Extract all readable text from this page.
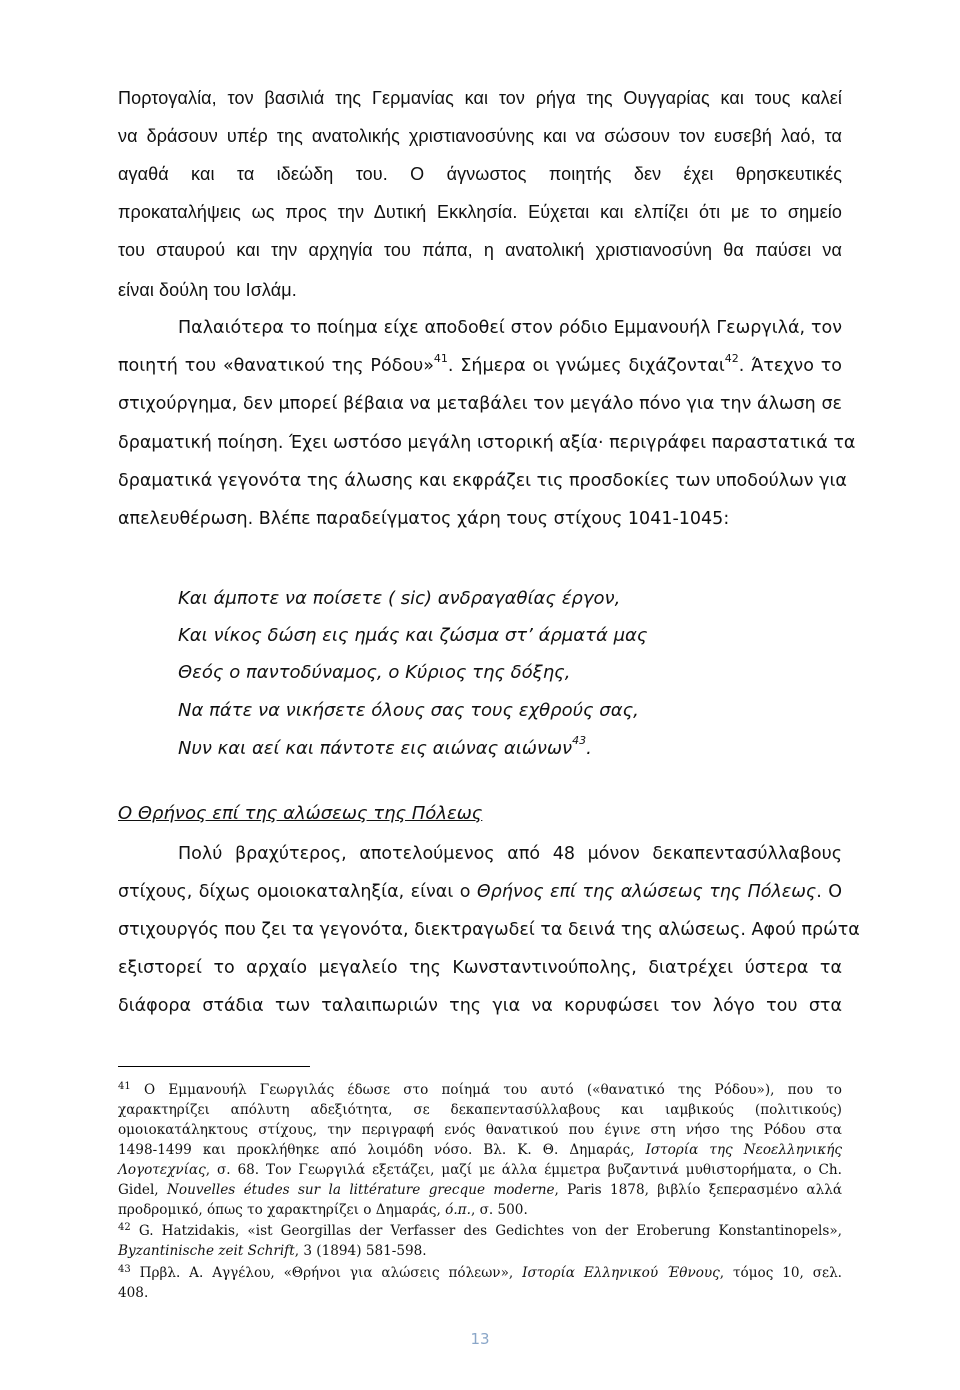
Πορτογαλία, τον βασιλιά της Γερμανίας και τον ρήγα της Ουγγαρίας και τους καλεί
να δράσουν υπέρ της ανατολικής χριστιανοσύνης και να σώσουν τον ευσεβή λαό, τα
αγαθά και τα ιδεώδη του. Ο άγνωστος ποιητής δεν έχει θρησκευτικές
προκαταλήψεις ως προς την Δυτική Εκκλησία. Εύχεται και ελπίζει ότι με το σημείο
του σταυρού και την αρχηγία του πάπα, η ανατολική χριστιανοσύνη θα παύσει να
είναι δούλη του Ισλάμ.
Παλαιότερα το ποίημα είχε αποδοθεί στον ρόδιο Εμμανουήλ Γεωργιλά, τον
ποιητή του «θανατικού της Ρόδου»$^{41}$. Σήμερα οι γνώμες διχάζονται$^{42}$. Άτεχνο το
στιχούργημα, δεν μπορεί βέβαια να μεταβάλει τον μεγάλο πόνο για την άλωση σε
δραματική ποίηση. Έχει ωστόσο μεγάλη ιστορική αξία· περιγράφει παραστατικά τα
δραματικά γεγονότα της άλωσης και εκφράζει τις προσδοκίες των υποδούλων για
απελευθέρωση. Βλέπε παραδείγματος χάρη τους στίχους 1041-1045:
Και άμποτε να ποίσετε ( sic) ανδραγαθίας έργον,
Και νίκος δώση εις ημάς και ζώσμα στ’ άρματά μας
Θεός ο παντοδύναμος, ο Κύριος της δόξης,
Να πάτε να νικήσετε όλους σας τους εχθρούς σας,
Νυν και αεί και πάντοτε εις αιώνας αιώνων$^{43}$.
Ο Θρήνος επί της αλώσεως της Πόλεως
Πολύ βραχύτερος, αποτελούμενος από 48 μόνον δεκαπεντασύλλαβους
στίχους, δίχως ομοιοκαταληξία, είναι ο Θρήνος επί της αλώσεως της Πόλεως. Ο
στιχουργός που ζει τα γεγονότα, διεκτραγωδεί τα δεινά της αλώσεως. Αφού πρώτα
εξιστορεί το αρχαίο μεγαλείο της Κωνσταντινούπολης, διατρέχει ύστερα τα
διάφορα στάδια των ταλαιπωριών της για να κορυφώσει τον λόγο του στα
$^{41}$ Ο Εμμανουήλ Γεωργιλάς έδωσε στο ποίημά του αυτό («θανατικό της Ρόδου»), που το
χαρακτηρίζει απόλυτη αδεξιότητα, σε δεκαπεντασύλλαβους και ιαμβικούς (πολιτικούς)
ομοιοκατάληκτους στίχους, την περιγραφή ενός θανατικού που έγινε στη νήσο της Ρόδου στα
1498-1499 και προκλήθηκε από λοιμόδη νόσο. Βλ. Κ. Θ. Δημαράς, Ιστορία της Νεοελληνικής
Λογοτεχνίας, σ. 68. Τον Γεωργιλά εξετάζει, μαζί με άλλα έμμετρα βυζαντινά μυθιστορήματα, ο Ch.
Gidel, Nouvelles études sur la littérature grecque moderne, Paris 1878, βιβλίο ξεπερασμένο αλλά
προδρομικό, όπως το χαρακτηρίζει ο Δημαράς, ό.π., σ. 500.
$^{42}$ G. Hatzidakis, «ist Georgillas der Verfasser des Gedichtes von der Eroberung Konstantinopels»,
Byzantinische zeit Schrift, 3 (1894) 581-598.
$^{43}$ Πρβλ. Α. Αγγέλου, «Θρήνοι για αλώσεις πόλεων», Ιστορία Ελληνικού Έθνους, τόμος 10, σελ.
408.
13
